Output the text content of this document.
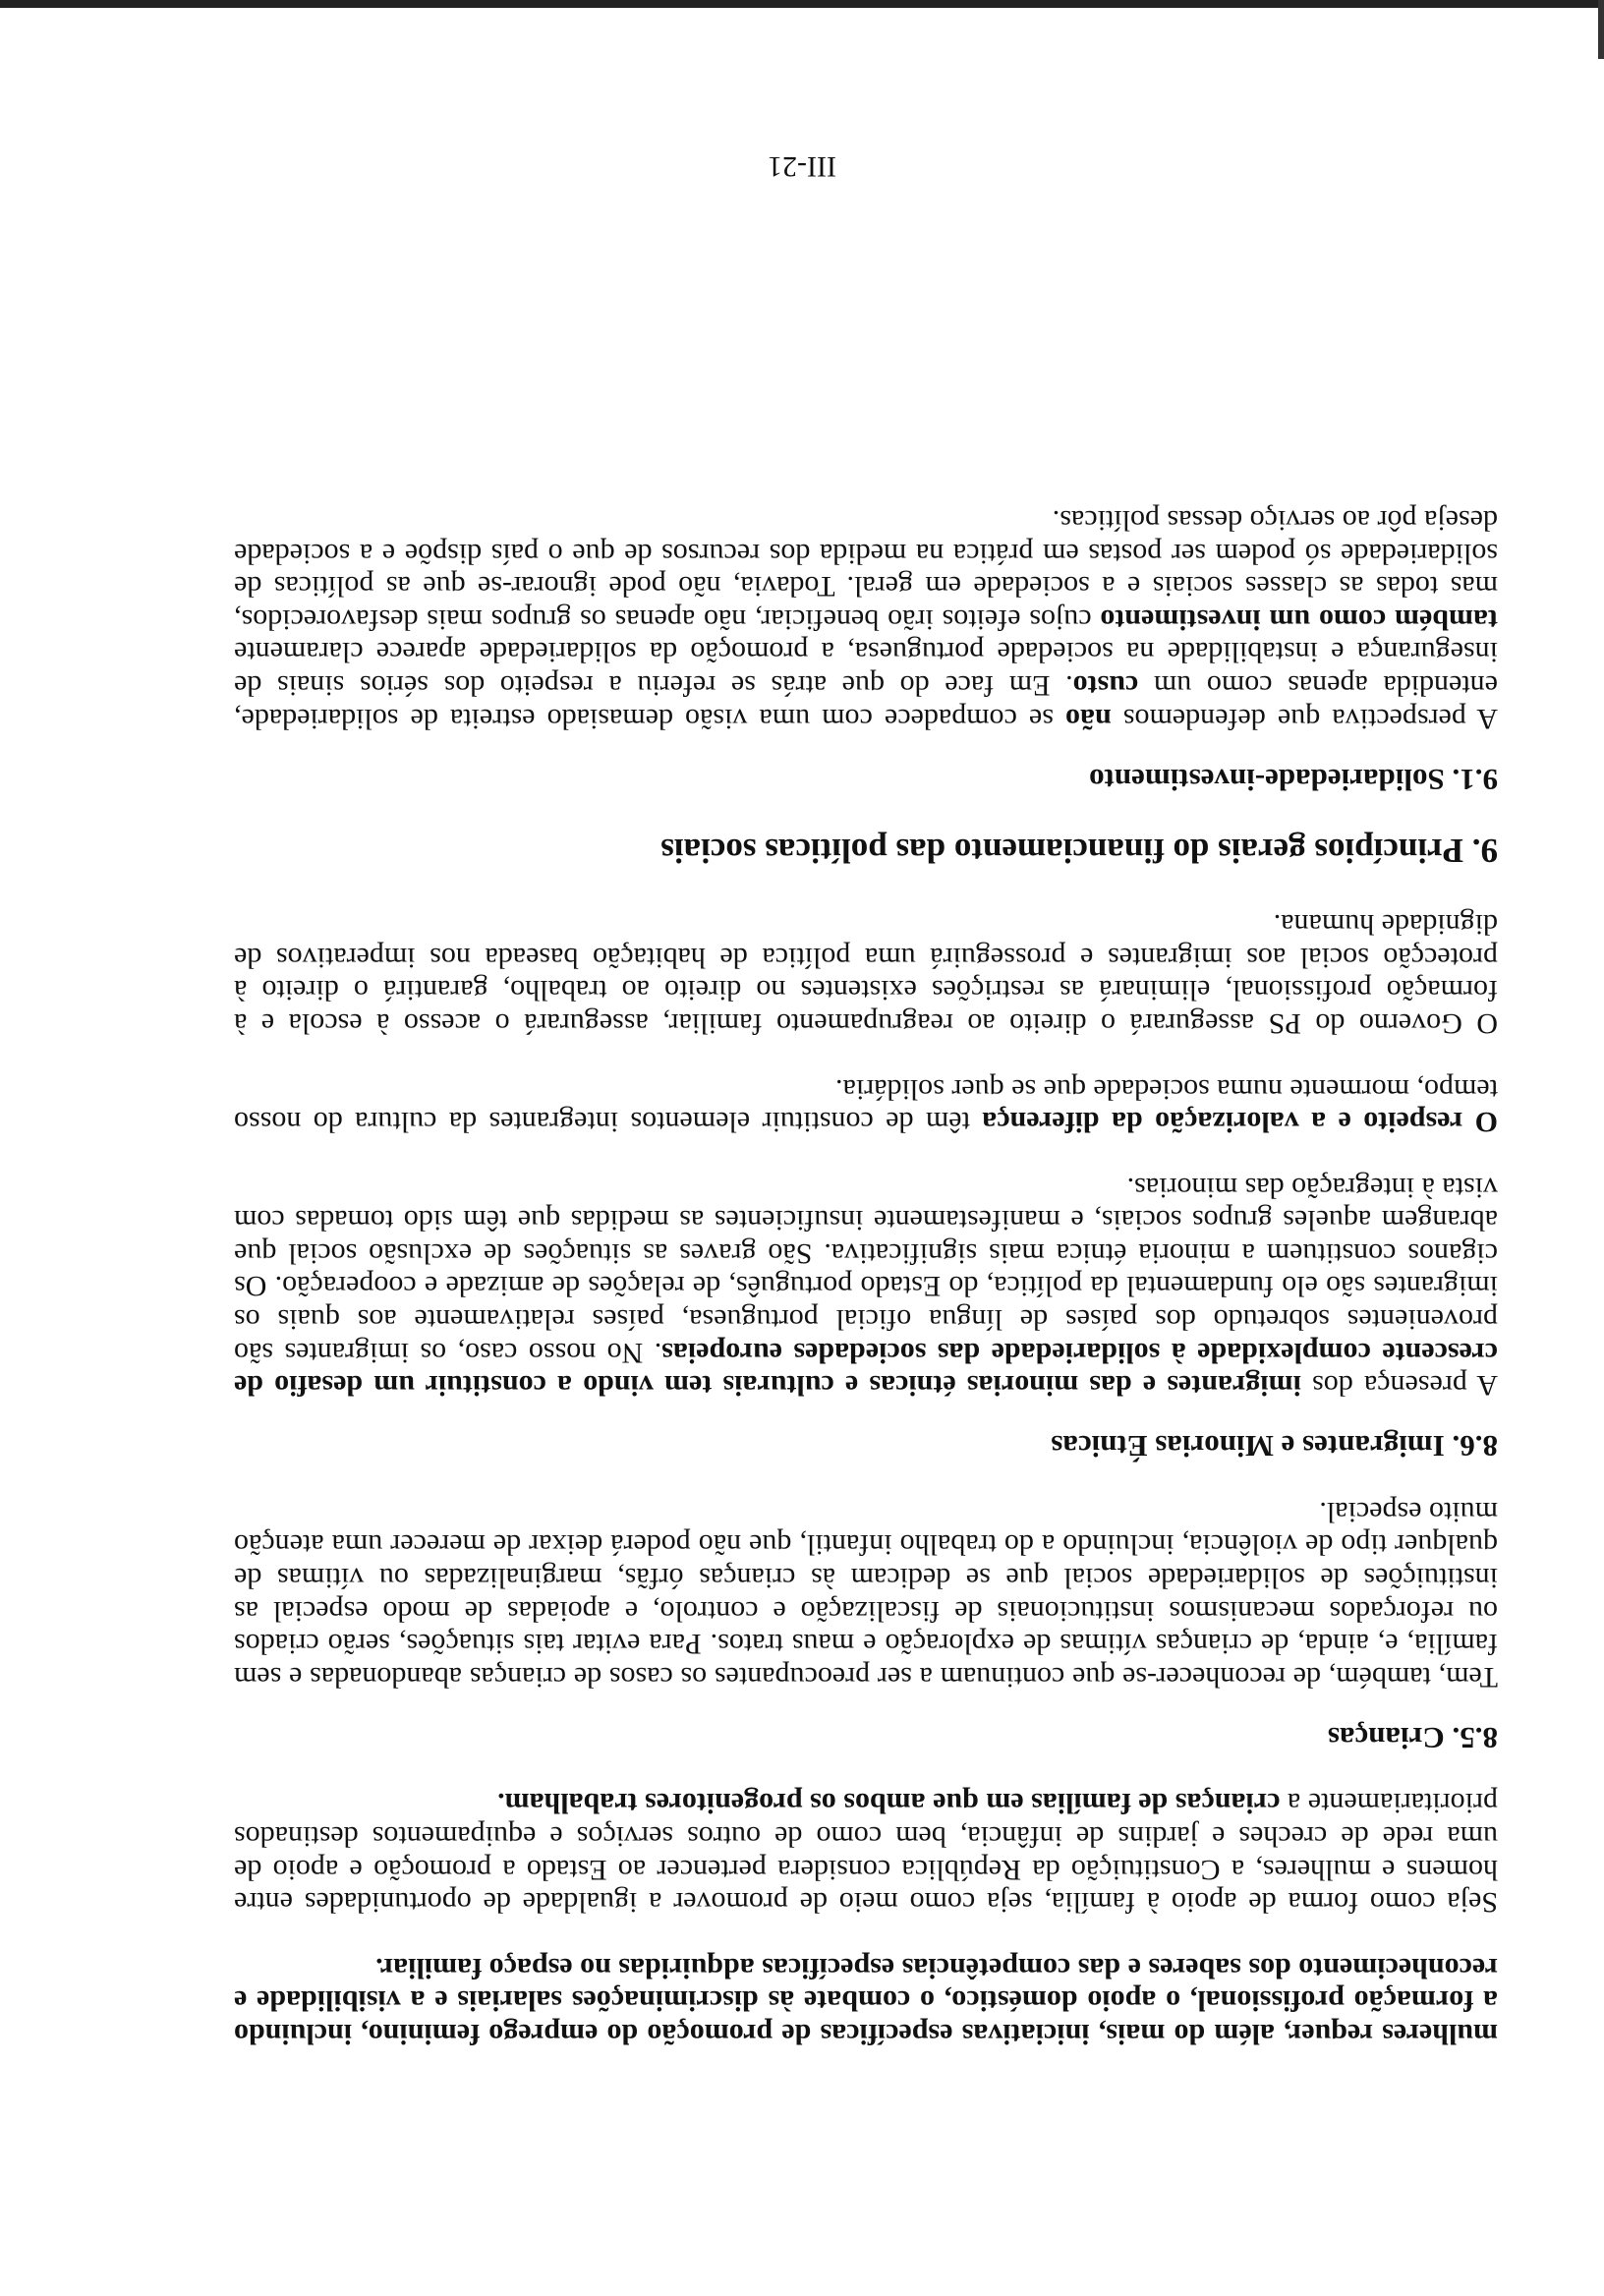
mulheres requer, além do mais, iniciativas específicas de promoção do emprego feminino, incluindo a formação profissional, o apoio doméstico, o combate às discriminações salariais e a visibilidade e reconhecimento dos saberes e das competências específicas adquiridas no espaço familiar.

Seja como forma de apoio à família, seja como meio de promover a igualdade de oportunidades entre homens e mulheres, a Constituição da República considera pertencer ao Estado a promoção e apoio de uma rede de creches e jardins de infância, bem como de outros serviços e equipamentos destinados prioritariamente a crianças de famílias em que ambos os progenitores trabalham.

8.5. Crianças

Tem, também, de reconhecer-se que continuam a ser preocupantes os casos de crianças abandonadas e sem família, e, ainda, de crianças vítimas de exploração e maus tratos. Para evitar tais situações, serão criados ou reforçados mecanismos institucionais de fiscalização e controlo, e apoiadas de modo especial as instituições de solidariedade social que se dedicam às crianças órfãs, marginalizadas ou vítimas de qualquer tipo de violência, incluindo a do trabalho infantil, que não poderá deixar de merecer uma atenção muito especial.

8.6. Imigrantes e Minorias Étnicas

A presença dos imigrantes e das minorias étnicas e culturais tem vindo a constituir um desafio de crescente complexidade à solidariedade das sociedades europeias. No nosso caso, os imigrantes são provenientes sobretudo dos países de língua oficial portuguesa, países relativamente aos quais os imigrantes são elo fundamental da política, do Estado português, de relações de amizade e cooperação. Os ciganos constituem a minoria étnica mais significativa. São graves as situações de exclusão social que abrangem aqueles grupos sociais, e manifestamente insuficientes as medidas que têm sido tomadas com vista à integração das minorias.

O respeito e a valorização da diferença têm de constituir elementos integrantes da cultura do nosso tempo, mormente numa sociedade que se quer solidária.

O Governo do PS assegurará o direito ao reagrupamento familiar, assegurará o acesso à escola e à formação profissional, eliminará as restrições existentes no direito ao trabalho, garantirá o direito à protecção social aos imigrantes e prosseguirá uma política de habitação baseada nos imperativos de dignidade humana.

9. Princípios gerais do financiamento das políticas sociais
9.1. Solidariedade-investimento

A perspectiva que defendemos não se compadece com uma visão demasiado estreita de solidariedade, entendida apenas como um custo. Em face do que atrás se referiu a respeito dos sérios sinais de insegurança e instabilidade na sociedade portuguesa, a promoção da solidariedade aparece claramente também como um investimento cujos efeitos irão beneficiar, não apenas os grupos mais desfavorecidos, mas todas as classes sociais e a sociedade em geral. Todavia, não pode ignorar-se que as políticas de solidariedade só podem ser postas em prática na medida dos recursos de que o país dispõe e a sociedade deseja pôr ao serviço dessas políticas.

III-21
